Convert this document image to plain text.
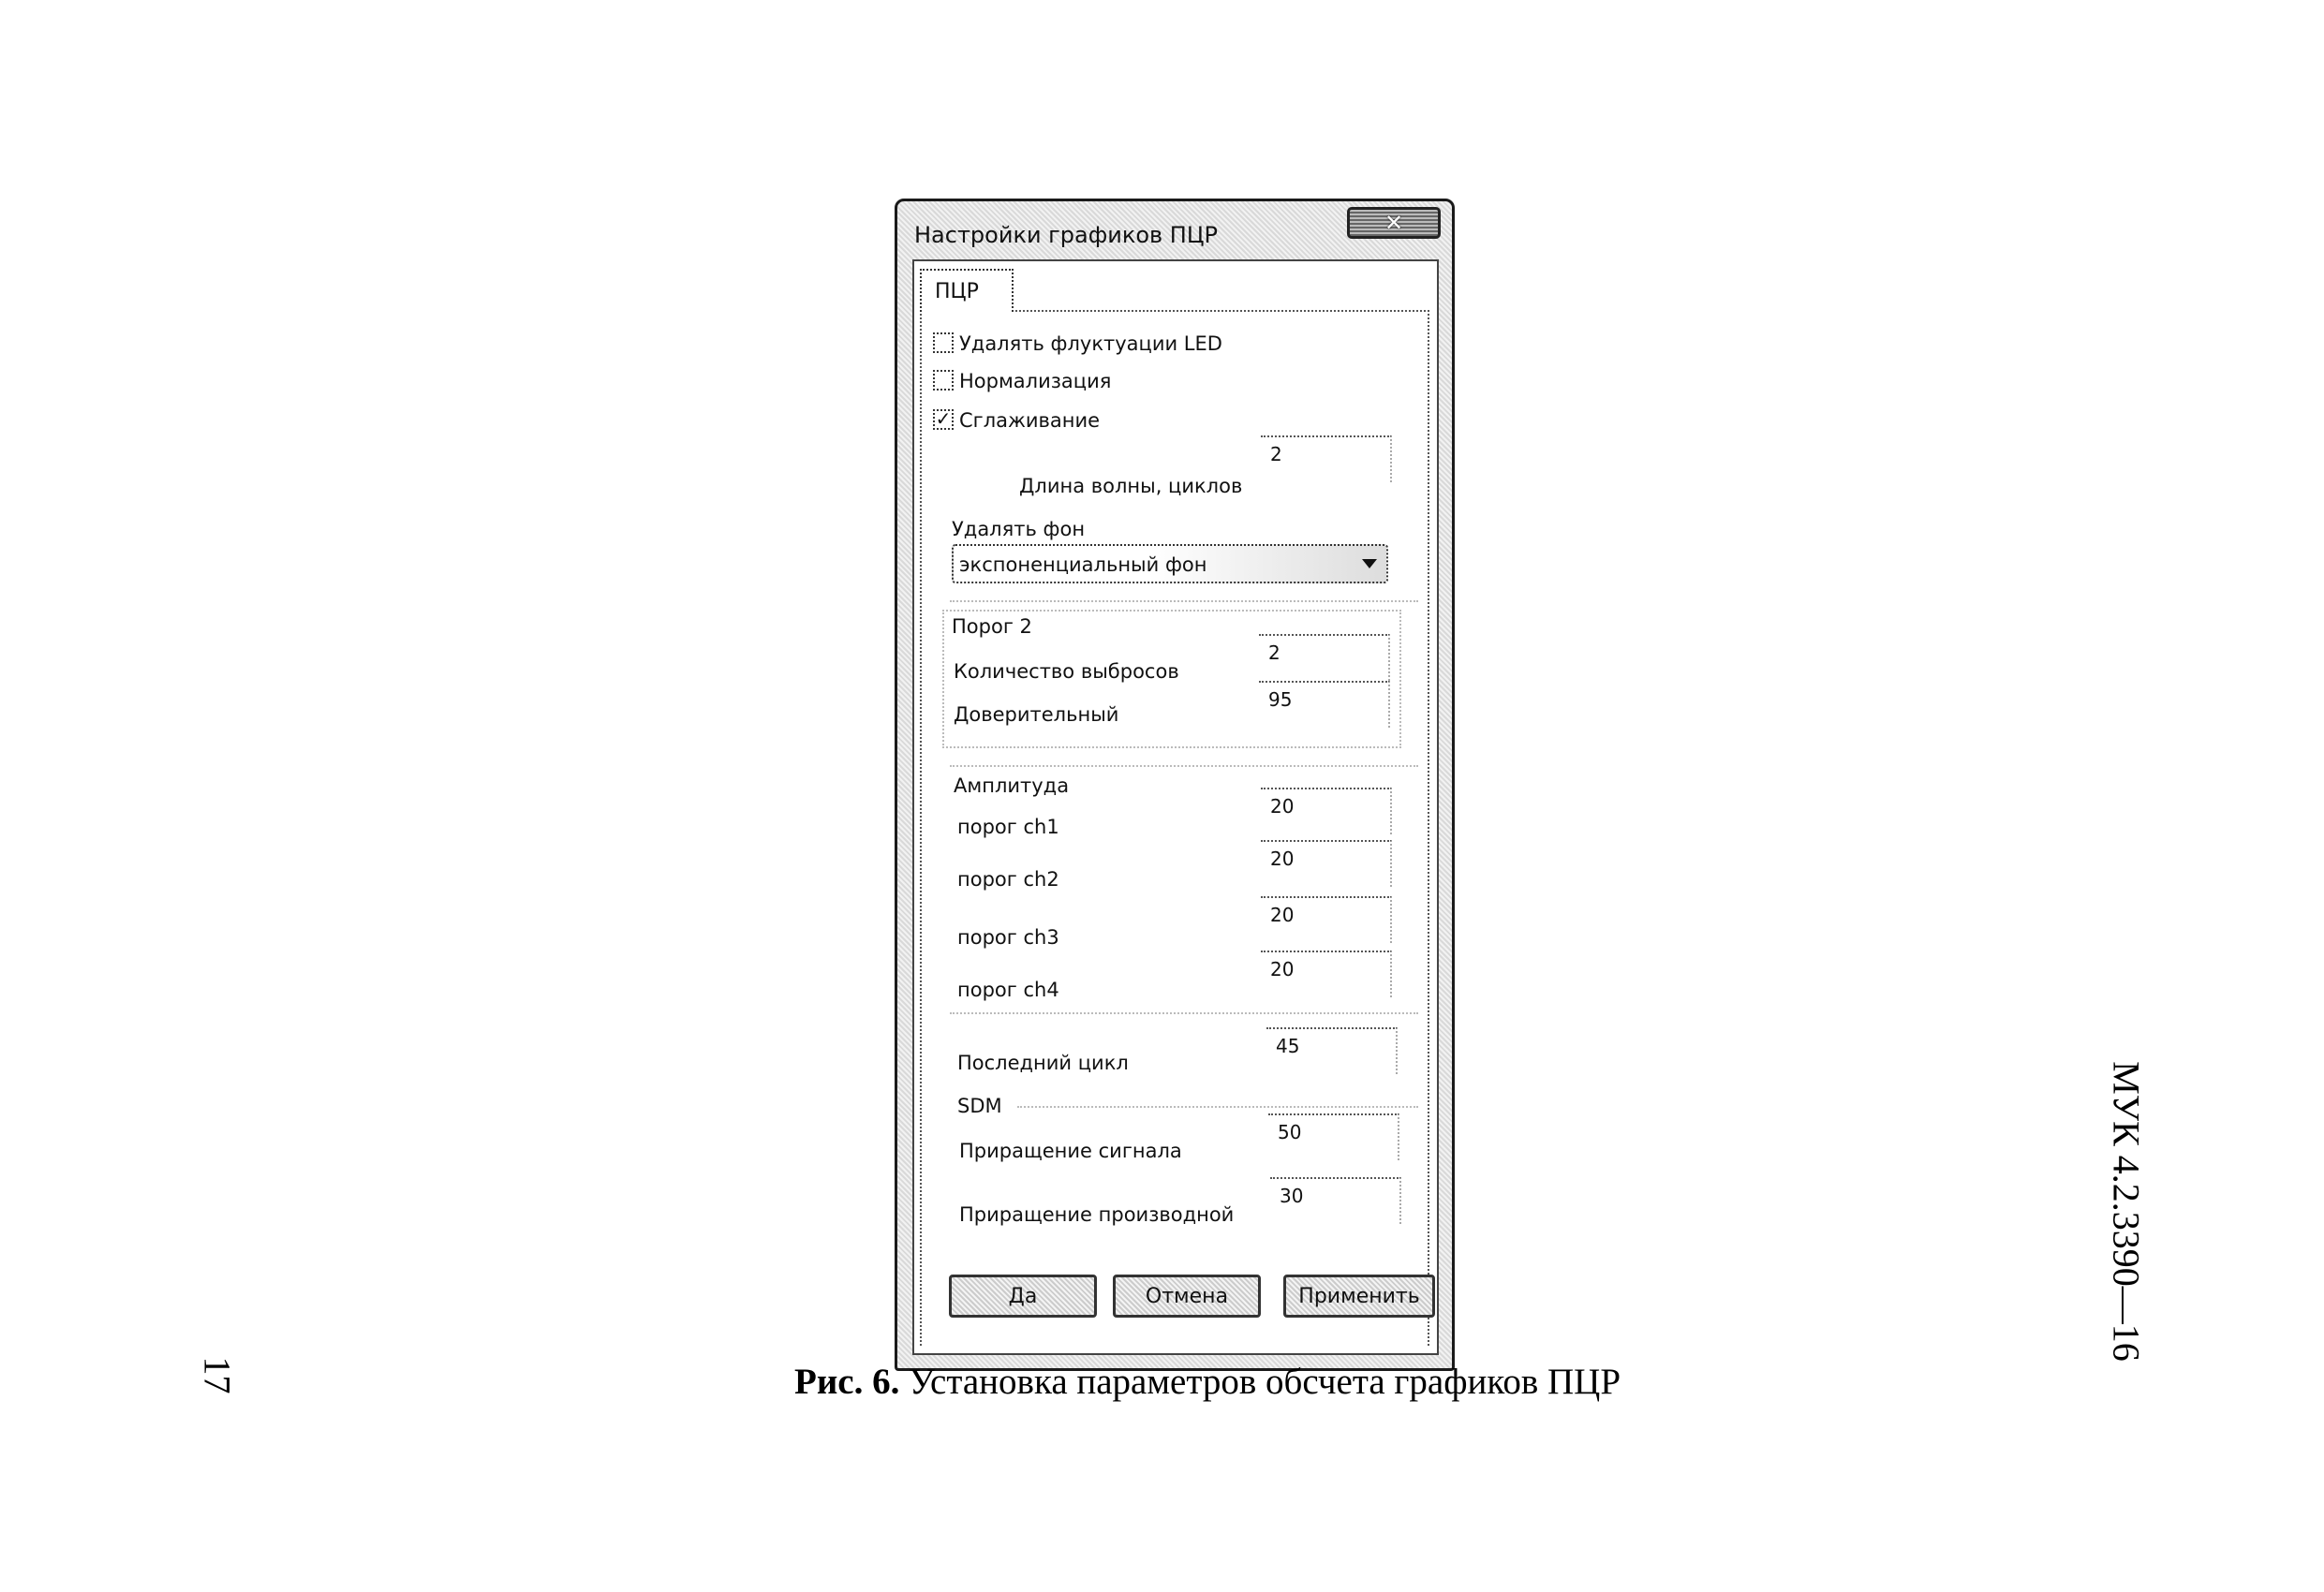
17
МУК 4.2.3390—16
Настройки графиков ПЦР	✕
ПЦР
Удалять флуктуации LED
Нормализация
✓ Сглаживание
Длина волны, циклов
2
Удалять фон
экспоненциальный фон
Порог 2
Количество выбросов
2
Доверительный
95
Амплитуда
порог ch1
20
порог ch2
20
порог ch3
20
порог ch4
20
Последний цикл
45
SDM
Приращение сигнала
50
Приращение производной
30
Да	Отмена	Применить
Рис. 6. Установка параметров обсчета графиков ПЦР
